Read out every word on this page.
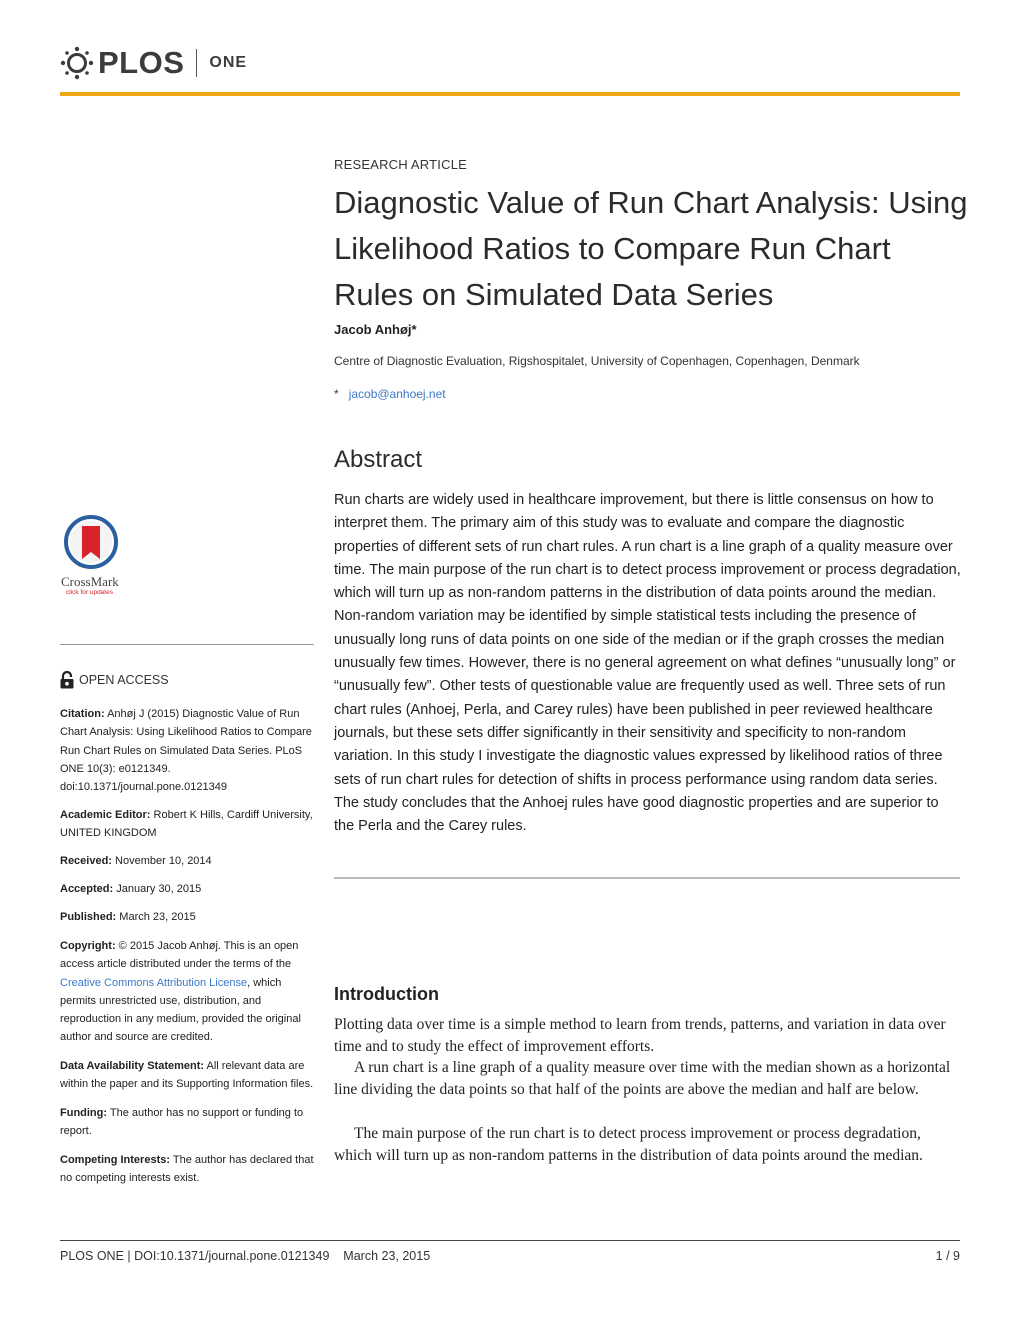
PLOS ONE
RESEARCH ARTICLE
Diagnostic Value of Run Chart Analysis: Using Likelihood Ratios to Compare Run Chart Rules on Simulated Data Series
Jacob Anhøj*
Centre of Diagnostic Evaluation, Rigshospitalet, University of Copenhagen, Copenhagen, Denmark
* jacob@anhoej.net
Abstract

Run charts are widely used in healthcare improvement, but there is little consensus on how to interpret them. The primary aim of this study was to evaluate and compare the diagnostic properties of different sets of run chart rules. A run chart is a line graph of a quality measure over time. The main purpose of the run chart is to detect process improvement or process degradation, which will turn up as non-random patterns in the distribution of data points around the median. Non-random variation may be identified by simple statistical tests including the presence of unusually long runs of data points on one side of the median or if the graph crosses the median unusually few times. However, there is no general agreement on what defines “unusually long” or “unusually few”. Other tests of questionable value are frequently used as well. Three sets of run chart rules (Anhoej, Perla, and Carey rules) have been published in peer reviewed healthcare journals, but these sets differ significantly in their sensitivity and specificity to non-random variation. In this study I investigate the diagnostic values expressed by likelihood ratios of three sets of run chart rules for detection of shifts in process performance using random data series. The study concludes that the Anhoej rules have good diagnostic properties and are superior to the Perla and the Carey rules.

Introduction

Plotting data over time is a simple method to learn from trends, patterns, and variation in data over time and to study the effect of improvement efforts.

A run chart is a line graph of a quality measure over time with the median shown as a horizontal line dividing the data points so that half of the points are above the median and half are below.

The main purpose of the run chart is to detect process improvement or process degradation, which will turn up as non-random patterns in the distribution of data points around the median.

CrossMark
click for updates
OPEN ACCESS

Citation: Anhøj J (2015) Diagnostic Value of Run Chart Analysis: Using Likelihood Ratios to Compare Run Chart Rules on Simulated Data Series. PLoS ONE 10(3): e0121349. doi:10.1371/journal.pone.0121349

Academic Editor: Robert K Hills, Cardiff University, UNITED KINGDOM

Received: November 10, 2014

Accepted: January 30, 2015

Published: March 23, 2015

Copyright: © 2015 Jacob Anhøj. This is an open access article distributed under the terms of the Creative Commons Attribution License, which permits unrestricted use, distribution, and reproduction in any medium, provided the original author and source are credited.

Data Availability Statement: All relevant data are within the paper and its Supporting Information files.

Funding: The author has no support or funding to report.

Competing Interests: The author has declared that no competing interests exist.

PLOS ONE | DOI:10.1371/journal.pone.0121349    March 23, 2015	1 / 9
